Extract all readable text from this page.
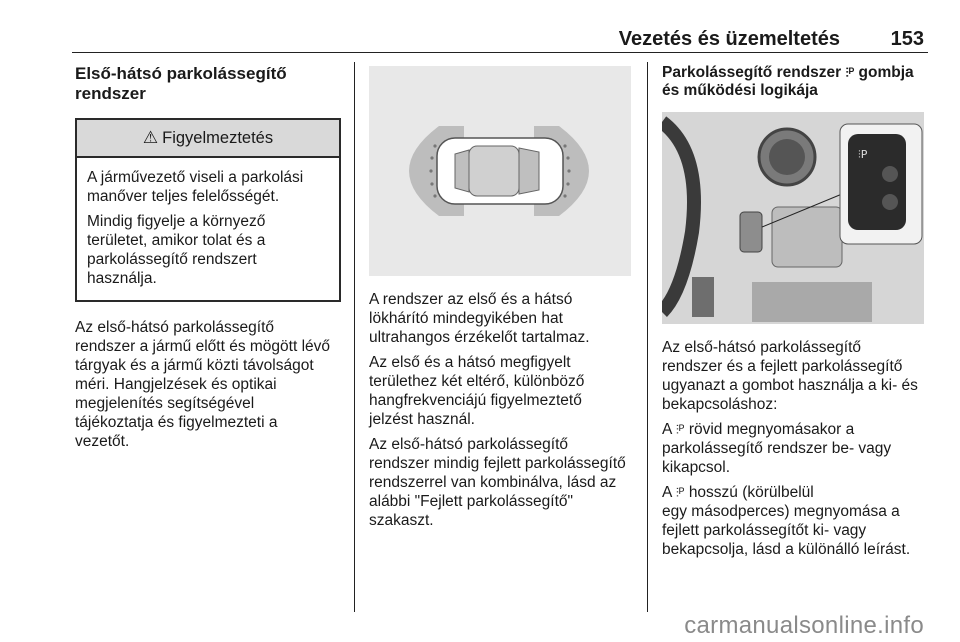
Vezetés és üzemeltetés	153
Első-hátsó parkolássegítő
rendszer
⚠ Figyelmeztetés

A járművezető viseli a parkolási
manőver teljes felelősségét.

Mindig figyelje a környező
területet, amikor tolat és a
parkolássegítő rendszert
használja.

Az első-hátsó parkolássegítő
rendszer a jármű előtt és mögött lévő
tárgyak és a jármű közti távolságot
méri. Hangjelzések és optikai
megjelenítés segítségével
tájékoztatja és figyelmezteti a
vezetőt.

A rendszer az első és a hátsó
lökhárító mindegyikében hat
ultrahangos érzékelőt tartalmaz.

Az első és a hátsó megfigyelt
területhez két eltérő, különböző
hangfrekvenciájú figyelmeztető
jelzést használ.

Az első-hátsó parkolássegítő
rendszer mindig fejlett parkolássegítő
rendszerrel van kombinálva, lásd az
alábbi "Fejlett parkolássegítő"
szakaszt.

Parkolássegítő rendszer ⫶ᴾ gombja
és működési logikája
⫶P

Az első-hátsó parkolássegítő
rendszer és a fejlett parkolássegítő
ugyanazt a gombot használja a ki- és
bekapcsoláshoz:

A ⫶ᴾ rövid megnyomásakor a
parkolássegítő rendszer be- vagy
kikapcsol.

A ⫶ᴾ hosszú (körülbelül
egy másodperces) megnyomása a
fejlett parkolássegítőt ki- vagy
bekapcsolja, lásd a különálló leírást.

carmanualsonline.info
